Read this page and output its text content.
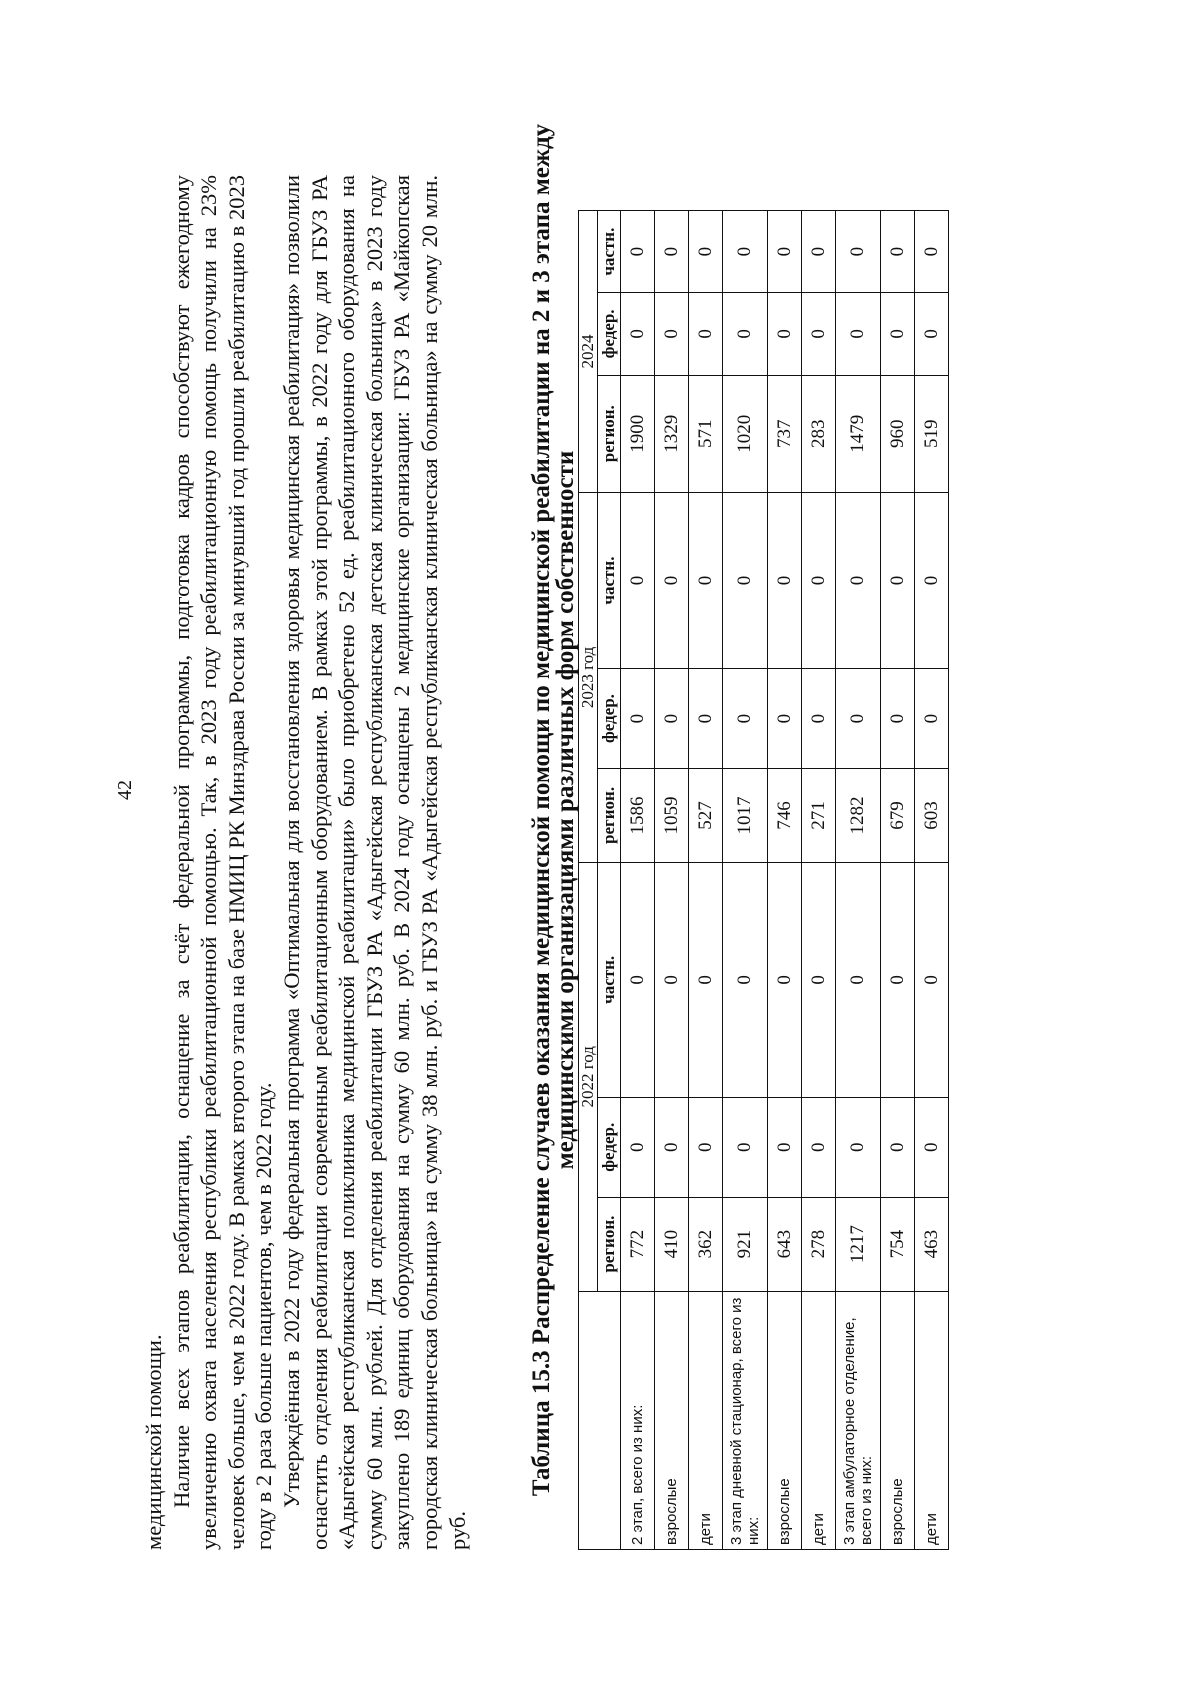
42

медицинской помощи. Наличие всех этапов реабилитации, оснащение за счёт федеральной программы, подготовка кадров способствуют ежегодному увеличению охвата населения республики реабилитационной помощью. Так, в 2023 году реабилитационную помощь получили на 23% человек больше, чем в 2022 году. В рамках второго этапа на базе НМИЦ РК Минздрава России за минувший год прошли реабилитацию в 2023 году в 2 раза больше пациентов, чем в 2022 году. Утверждённая в 2022 году федеральная программа «Оптимальная для восстановления здоровья медицинская реабилитация» позволили оснастить отделения реабилитации современным реабилитационным оборудованием. В рамках этой программы, в 2022 году для ГБУЗ РА «Адыгейская республиканская поликлиника медицинской реабилитации» было приобретено 52 ед. реабилитационного оборудования на сумму 60 млн. рублей. Для отделения реабилитации ГБУЗ РА «Адыгейская республиканская детская клиническая больница» в 2023 году закуплено 189 единиц оборудования на сумму 60 млн. руб. В 2024 году оснащены 2 медицинские организации: ГБУЗ РА «Майкопская городская клиническая больница» на сумму 38 млн. руб. и ГБУЗ РА «Адыгейская республиканская клиническая больница» на сумму 20 млн. руб.

Таблица 15.3 Распределение случаев оказания медицинской помощи по медицинской реабилитации на 2 и 3 этапа между медицинскими организациями различных форм собственности
	2022 год			2023 год			2024		
	регион.	федер.	частн.	регион.	федер.	частн.	регион.	федер.	частн.
2 этап, всего из них:	772	0	0	1586	0	0	1900	0	0
взрослые	410	0	0	1059	0	0	1329	0	0
дети	362	0	0	527	0	0	571	0	0
3 этап дневной стационар, всего из них:	921	0	0	1017	0	0	1020	0	0
взрослые	643	0	0	746	0	0	737	0	0
дети	278	0	0	271	0	0	283	0	0
3 этап амбулаторное отделение, всего из них:	1217	0	0	1282	0	0	1479	0	0
взрослые	754	0	0	679	0	0	960	0	0
дети	463	0	0	603	0	0	519	0	0
